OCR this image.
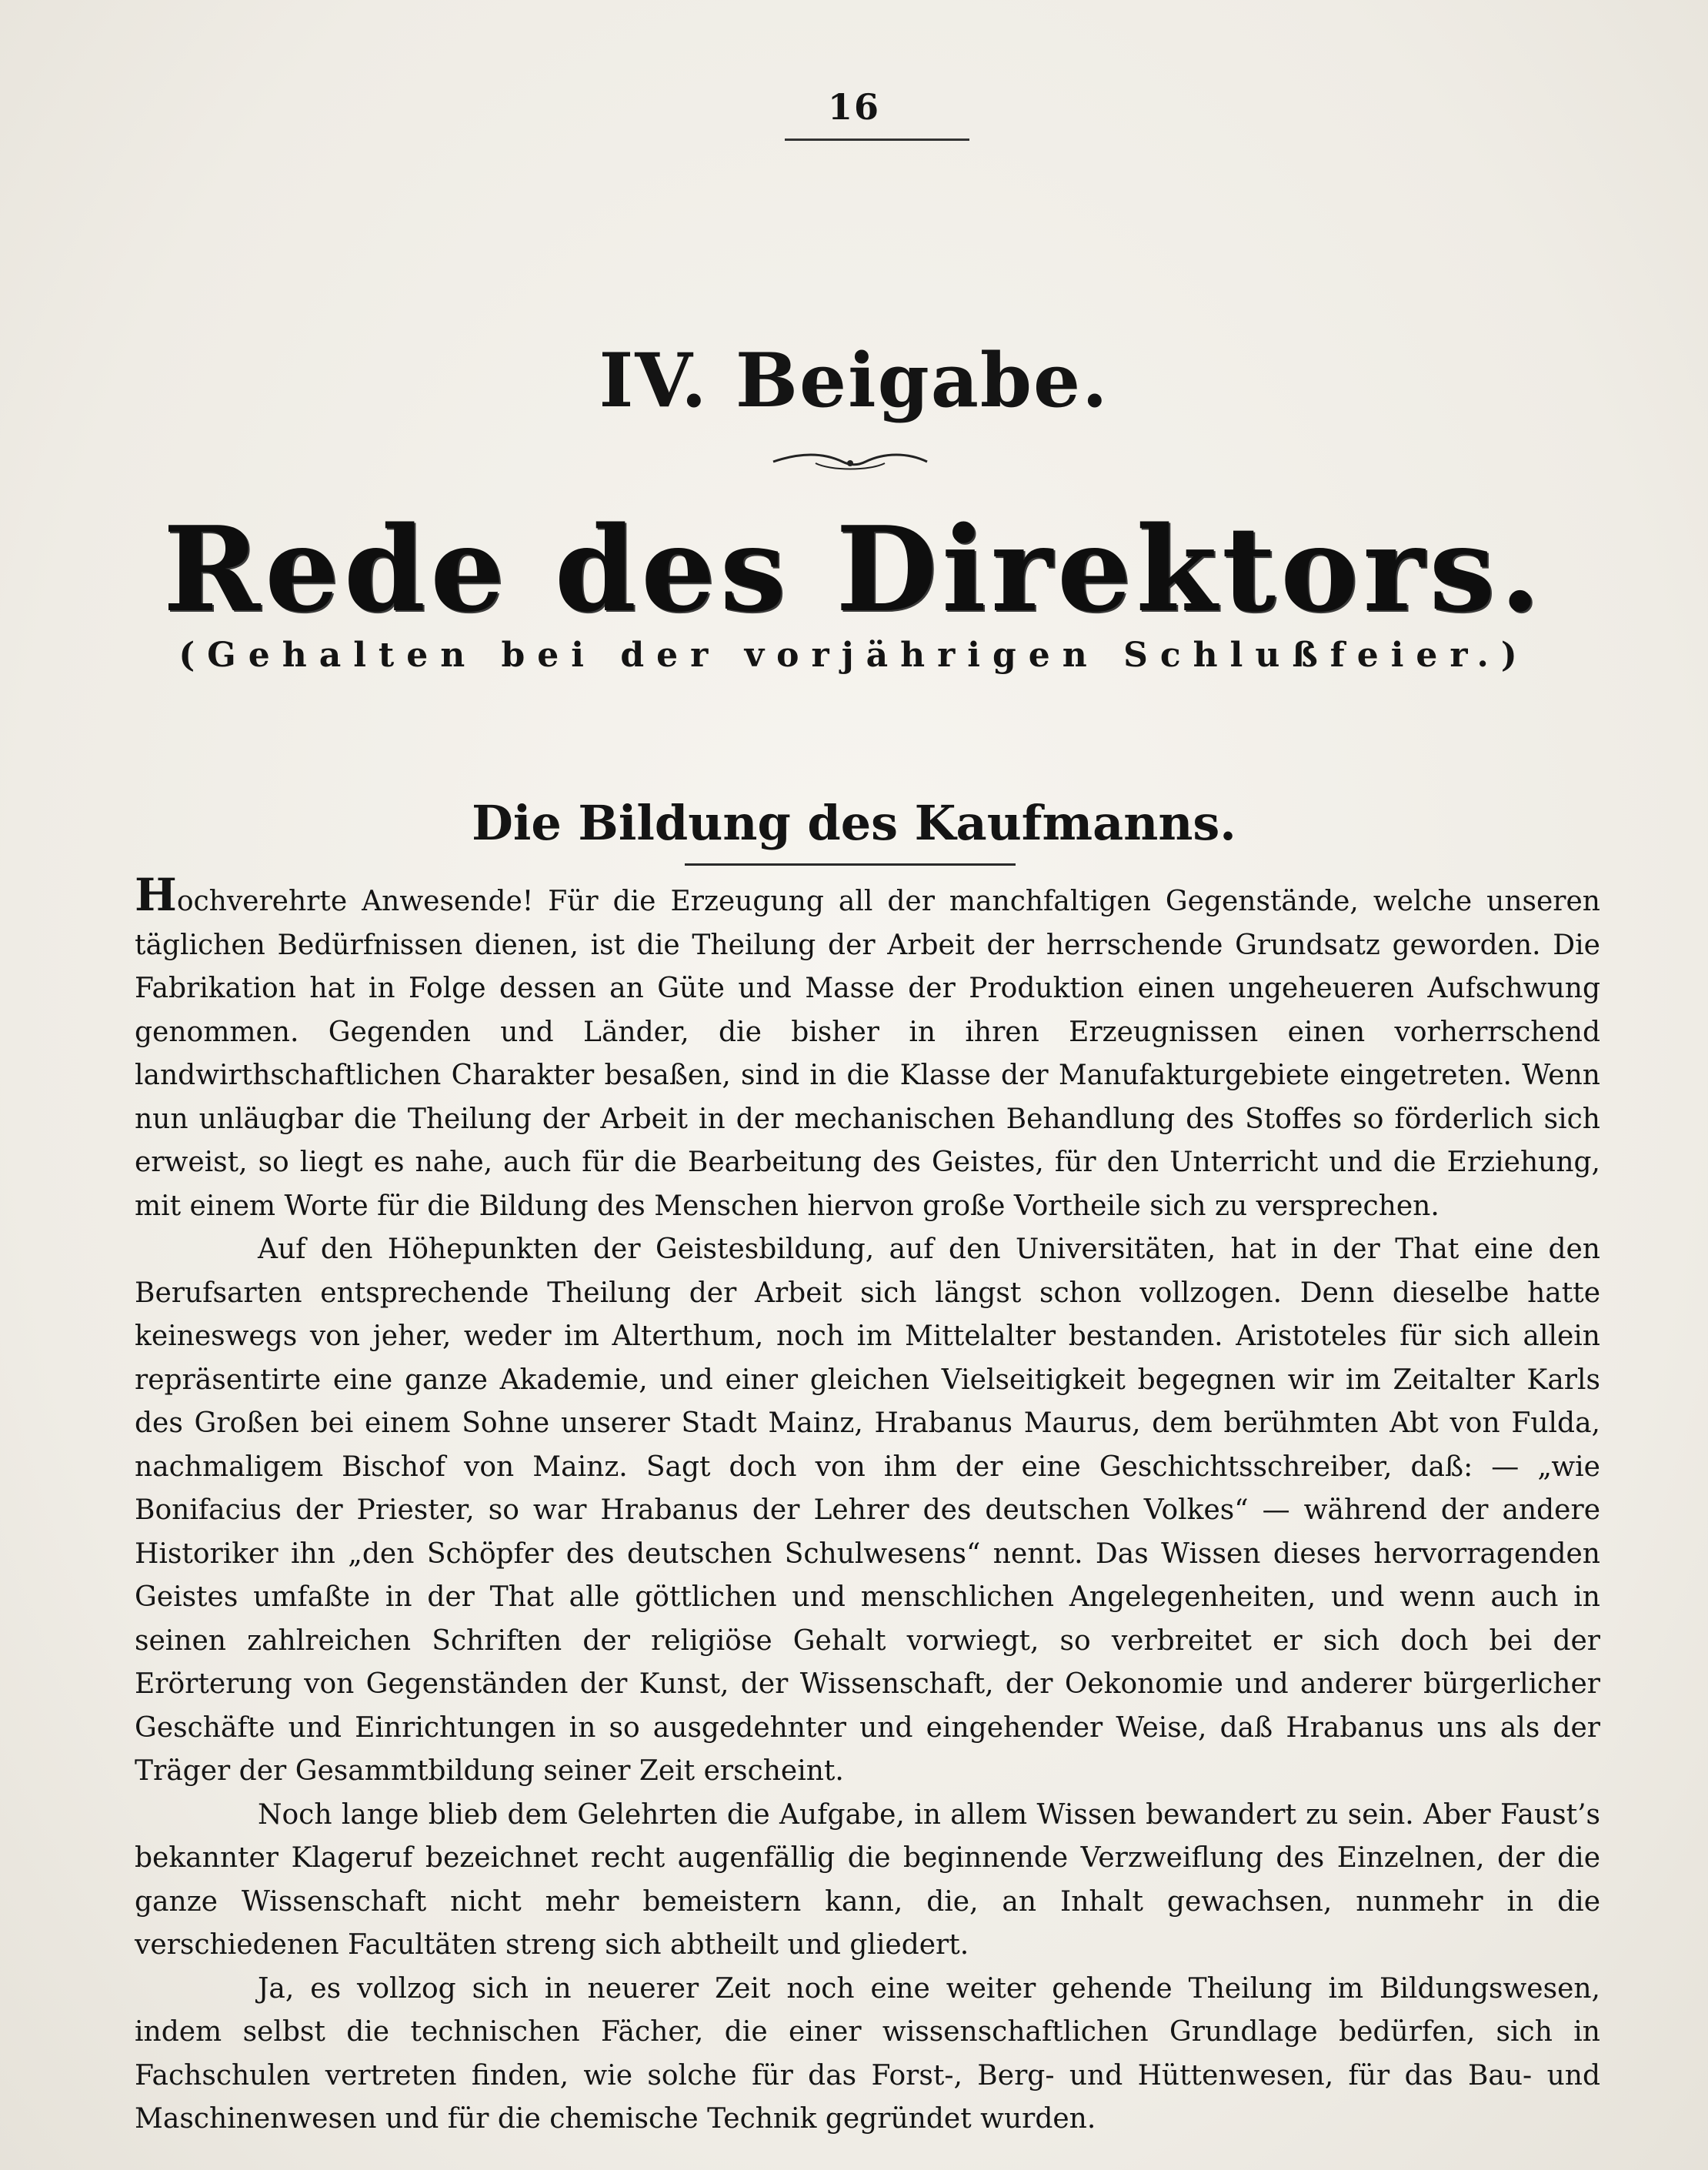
16
IV. Beigabe.
Rede des Direktors.
(Gehalten bei der vorjährigen Schlußfeier.)
Die Bildung des Kaufmanns.

Hochverehrte Anwesende! Für die Erzeugung all der manchfaltigen Gegenstände, welche unseren täglichen Bedürfnissen dienen, ist die Theilung der Arbeit der herrschende Grundsatz geworden. Die Fabrikation hat in Folge dessen an Güte und Masse der Produktion einen ungeheueren Aufschwung genommen. Gegenden und Länder, die bisher in ihren Erzeugnissen einen vorherrschend landwirthschaftlichen Charakter besaßen, sind in die Klasse der Manufakturgebiete eingetreten. Wenn nun unläugbar die Theilung der Arbeit in der mechanischen Behandlung des Stoffes so förderlich sich erweist, so liegt es nahe, auch für die Bearbeitung des Geistes, für den Unterricht und die Erziehung, mit einem Worte für die Bildung des Menschen hiervon große Vortheile sich zu versprechen.

Auf den Höhepunkten der Geistesbildung, auf den Universitäten, hat in der That eine den Berufsarten entsprechende Theilung der Arbeit sich längst schon vollzogen. Denn dieselbe hatte keineswegs von jeher, weder im Alterthum, noch im Mittelalter bestanden. Aristoteles für sich allein repräsentirte eine ganze Akademie, und einer gleichen Vielseitigkeit begegnen wir im Zeitalter Karls des Großen bei einem Sohne unserer Stadt Mainz, Hrabanus Maurus, dem berühmten Abt von Fulda, nachmaligem Bischof von Mainz. Sagt doch von ihm der eine Geschichtsschreiber, daß: — „wie Bonifacius der Priester, so war Hrabanus der Lehrer des deutschen Volkes“ — während der andere Historiker ihn „den Schöpfer des deutschen Schulwesens“ nennt. Das Wissen dieses hervorragenden Geistes umfaßte in der That alle göttlichen und menschlichen Angelegenheiten, und wenn auch in seinen zahlreichen Schriften der religiöse Gehalt vorwiegt, so verbreitet er sich doch bei der Erörterung von Gegenständen der Kunst, der Wissenschaft, der Oekonomie und anderer bürgerlicher Geschäfte und Einrichtungen in so ausgedehnter und eingehender Weise, daß Hrabanus uns als der Träger der Gesammtbildung seiner Zeit erscheint.

Noch lange blieb dem Gelehrten die Aufgabe, in allem Wissen bewandert zu sein. Aber Faust’s bekannter Klageruf bezeichnet recht augenfällig die beginnende Verzweiflung des Einzelnen, der die ganze Wissenschaft nicht mehr bemeistern kann, die, an Inhalt gewachsen, nunmehr in die verschiedenen Facultäten streng sich abtheilt und gliedert.

Ja, es vollzog sich in neuerer Zeit noch eine weiter gehende Theilung im Bildungswesen, indem selbst die technischen Fächer, die einer wissenschaftlichen Grundlage bedürfen, sich in Fachschulen vertreten finden, wie solche für das Forst-, Berg- und Hüttenwesen, für das Bau- und Maschinenwesen und für die chemische Technik gegründet wurden.
